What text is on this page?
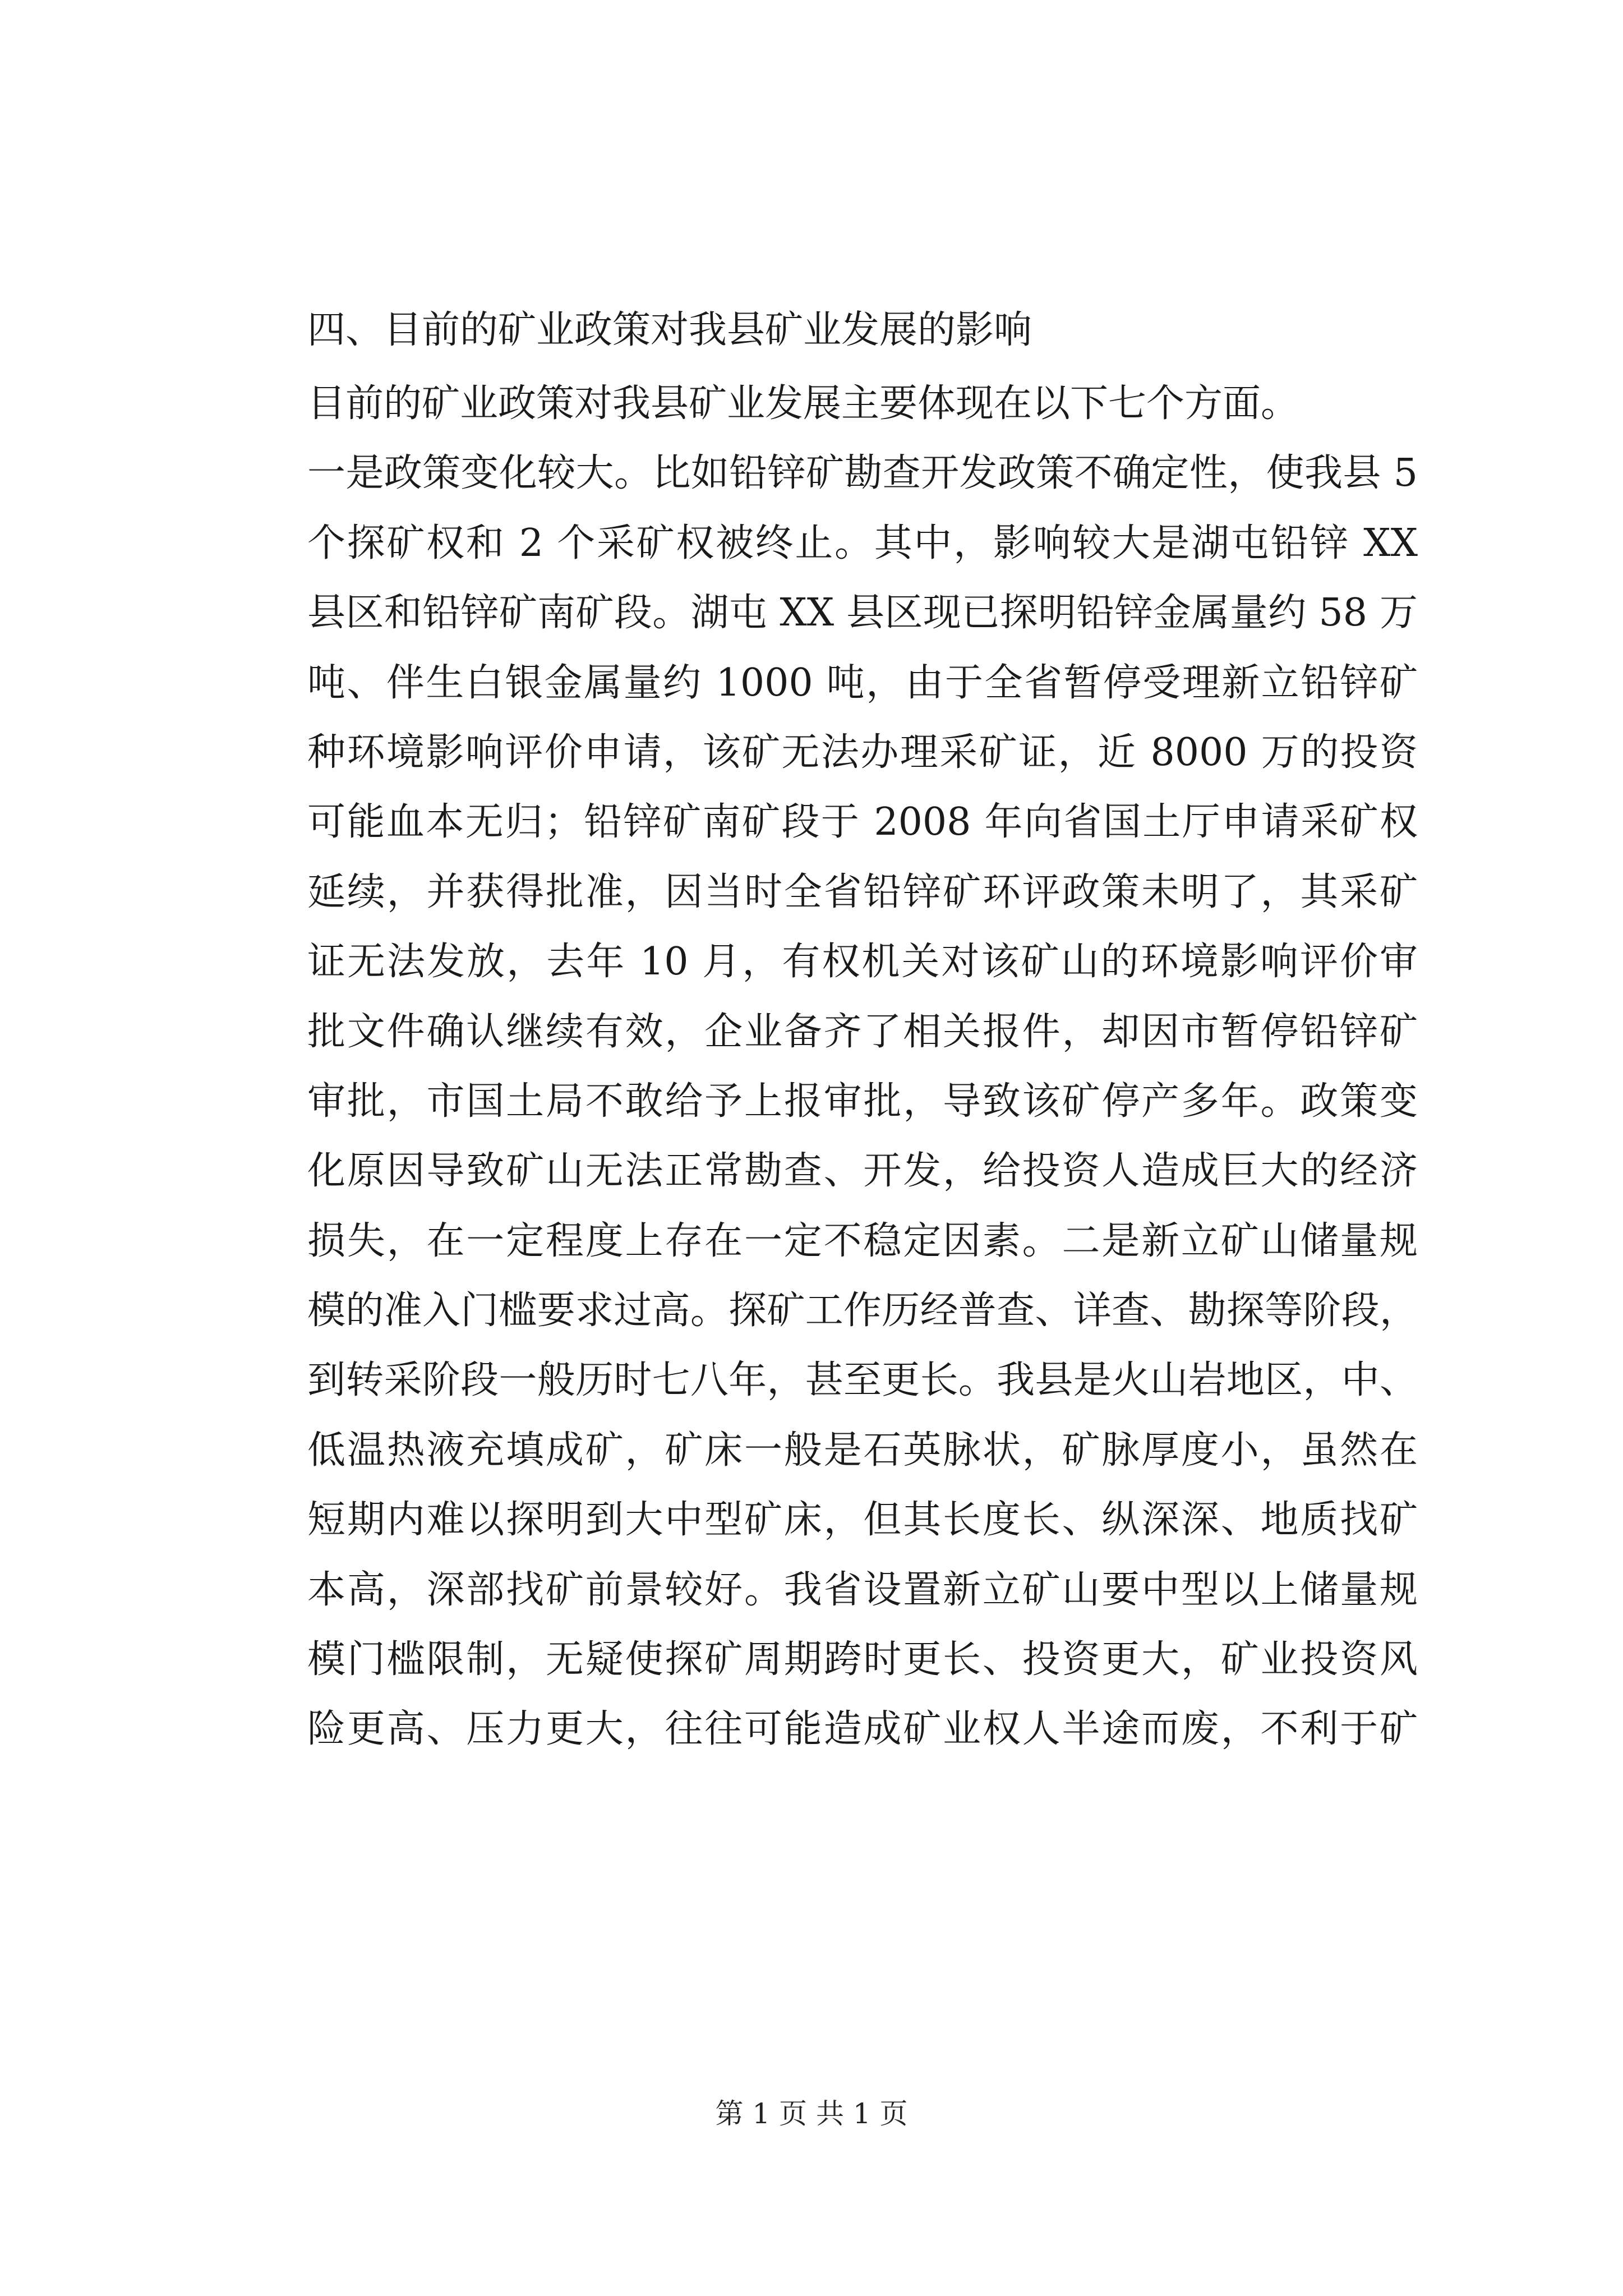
四、目前的矿业政策对我县矿业发展的影响

目前的矿业政策对我县矿业发展主要体现在以下七个方面。

一是政策变化较大。比如铅锌矿勘查开发政策不确定性，使我县 5

个探矿权和 2 个采矿权被终止。其中，影响较大是湖屯铅锌 XX

县区和铅锌矿南矿段。湖屯 XX 县区现已探明铅锌金属量约 58 万

吨、伴生白银金属量约 1000 吨，由于全省暂停受理新立铅锌矿

种环境影响评价申请，该矿无法办理采矿证，近 8000 万的投资

可能血本无归；铅锌矿南矿段于 2008 年向省国土厅申请采矿权

延续，并获得批准，因当时全省铅锌矿环评政策未明了，其采矿

证无法发放，去年 10 月，有权机关对该矿山的环境影响评价审

批文件确认继续有效，企业备齐了相关报件，却因市暂停铅锌矿

审批，市国土局不敢给予上报审批，导致该矿停产多年。政策变

化原因导致矿山无法正常勘查、开发，给投资人造成巨大的经济

损失，在一定程度上存在一定不稳定因素。二是新立矿山储量规

模的准入门槛要求过高。探矿工作历经普查、详查、勘探等阶段，

到转采阶段一般历时七八年，甚至更长。我县是火山岩地区，中、

低温热液充填成矿，矿床一般是石英脉状，矿脉厚度小，虽然在

短期内难以探明到大中型矿床，但其长度长、纵深深、地质找矿

本高，深部找矿前景较好。我省设置新立矿山要中型以上储量规

模门槛限制，无疑使探矿周期跨时更长、投资更大，矿业投资风

险更高、压力更大，往往可能造成矿业权人半途而废，不利于矿

第 1 页 共 1 页
